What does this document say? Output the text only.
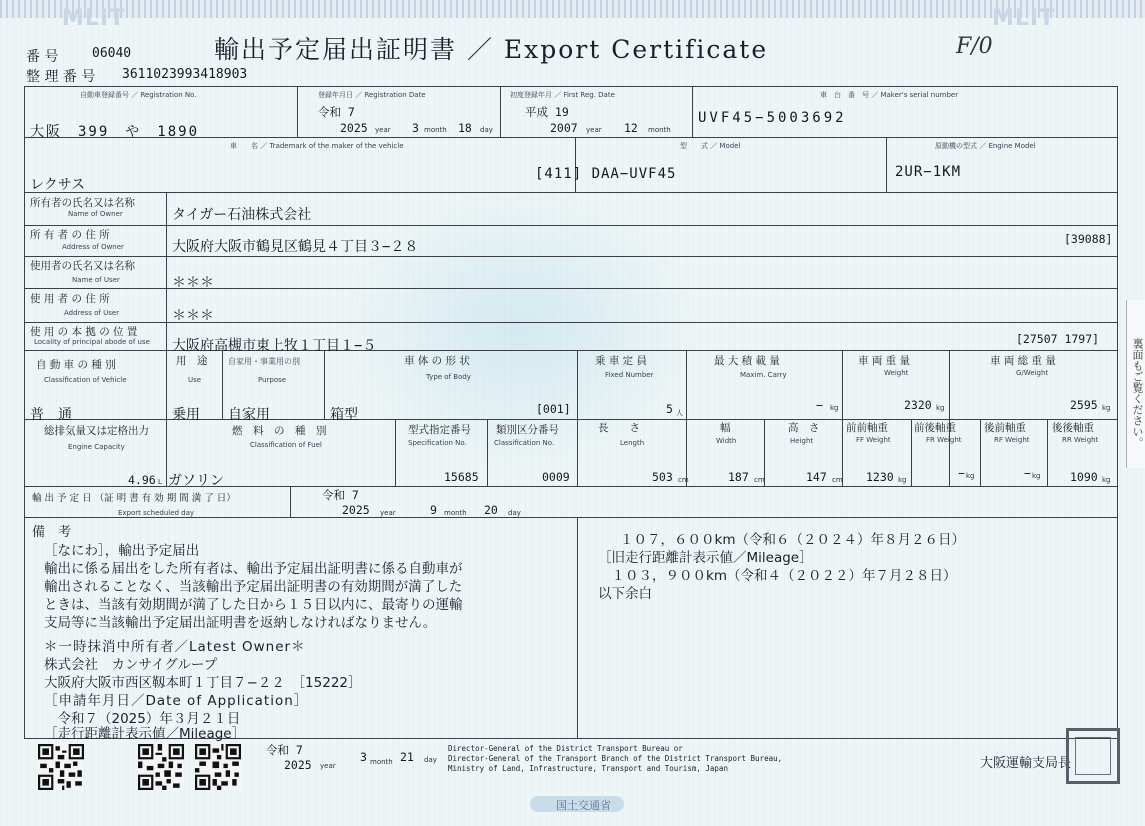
MLIT	MLIT
番 号	06040
整 理 番 号 3611023993418903
輸出予定届出証明書 ／ Export Certificate	F/0
自動車登録番号 ／ Registration No.
大阪　399　や　1890
登録年月日 ／ Registration Date
令和 7
2025 year 3 month 18 day
初度登録年月 ／ First Reg. Date
平成 19
2007 year 12 month
車　台　番　号 ／ Maker's serial number
UVF45−5003692
車　　名 ／ Trademark of the maker of the vehicle
レクサス
型　　式 ／ Model
[411] DAA−UVF45
原動機の型式 ／ Engine Model
2UR−1KM
所有者の氏名又は名称
Name of Owner	タイガー石油株式会社
所 有 者 の 住 所
Address of Owner	大阪府大阪市鶴見区鶴見４丁目３−２８	[39088]
使用者の氏名又は名称
Name of User	＊＊＊
使 用 者 の 住 所
Address of User	＊＊＊
使 用 の 本 拠 の 位 置
Locality of principal abode of use 大阪府高槻市東上牧１丁目１−５	[27507 1797]
自 動 車 の 種 別
Classification of Vehicle
普　通
用　途
Use
乗用
自家用・事業用の別
Purpose
自家用
車 体 の 形 状
Type of Body
箱型	[001]
乗 車 定 員
Fixed Number
5 人
最 大 積 載 量
Maxim. Carry
− kg
車 両 重 量
Weight
2320 kg
車 両 総 重 量
G/Weight
2595 kg
総排気量又は定格出力
Engine Capacity
4.96 L
燃　料　の　種　別
Classification of Fuel
ガソリン
型式指定番号
Specification No.
15685
類別区分番号
Classification No.
0009
長　　さ
Length
503 cm
幅
Width
187 cm
高　さ
Height
147 cm
前前軸重
FF Weight
1230 kg
前後軸重
FR Weight
− kg
後前軸重
RF Weight
− kg
後後軸重
RR Weight
1090 kg
輸 出 予 定 日 （証 明 書 有 効 期 間 満 了 日）
Export scheduled day
令和 7
2025 year	9 month 20 day
備　考
［なにわ］，輸出予定届出
輸出に係る届出をした所有者は、輸出予定届出証明書に係る自動車が
輸出されることなく、当該輸出予定届出証明書の有効期間が満了した
ときは、当該有効期間が満了した日から１５日以内に、最寄りの運輸
支局等に当該輸出予定届出証明書を返納しなければなりません。
＊一時抹消中所有者／Latest Owner＊
株式会社　カンサイグループ
大阪府大阪市西区靱本町１丁目７−２２　［15222］
［申請年月日／Date of Application］
　令和７（2025）年３月２１日
［走行距離計表示値／Mileage］
１０７，６００km（令和６（２０２４）年８月２６日）
［旧走行距離計表示値／Mileage］
　１０３，９００km（令和４（２０２２）年７月２８日）
以下余白
令和 7
2025 year
3 month 21 day
Director-General of the District Transport Bureau or
Director-General of the Transport Branch of the District Transport Bureau,
Ministry of Land, Infrastructure, Transport and Tourism, Japan	大阪運輸支局長
国土交通省
裏面もご覧ください。
